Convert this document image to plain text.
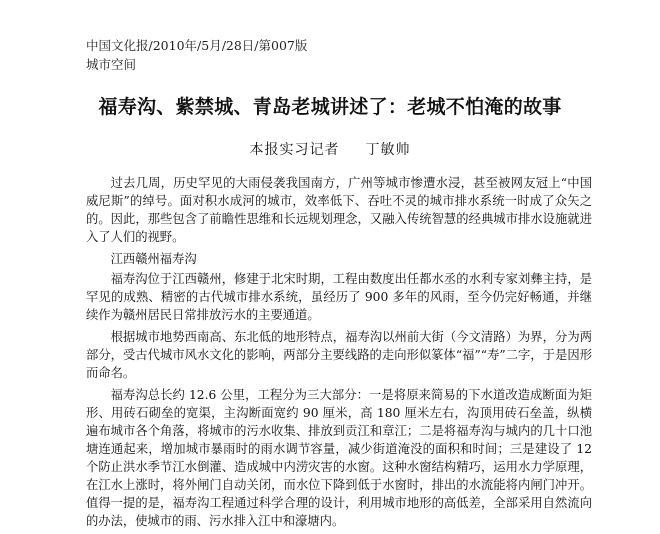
中国文化报/2010年/5月/28日/第007版
城市空间
福寿沟、紫禁城、青岛老城讲述了：老城不怕淹的故事
本报实习记者 丁敏帅

过去几周，历史罕见的大雨侵袭我国南方，广州等城市惨遭水浸，甚至被网友冠上“中国威尼斯”的绰号。面对积水成河的城市，效率低下、吞吐不灵的城市排水系统一时成了众矢之的。因此，那些包含了前瞻性思维和长远规划理念，又融入传统智慧的经典城市排水设施就进入了人们的视野。

江西赣州福寿沟

福寿沟位于江西赣州，修建于北宋时期，工程由数度出任都水丞的水利专家刘彝主持，是罕见的成熟、精密的古代城市排水系统，虽经历了 900 多年的风雨，至今仍完好畅通，并继续作为赣州居民日常排放污水的主要通道。

根据城市地势西南高、东北低的地形特点，福寿沟以州前大街（今文清路）为界，分为两部分，受古代城市风水文化的影响，两部分主要线路的走向形似篆体“福”“寿”二字，于是因形而命名。

福寿沟总长约 12.6 公里，工程分为三大部分：一是将原来简易的下水道改造成断面为矩形、用砖石砌垒的宽渠，主沟断面宽约 90 厘米，高 180 厘米左右，沟顶用砖石垒盖，纵横遍布城市各个角落，将城市的污水收集、排放到贡江和章江；二是将福寿沟与城内的几十口池塘连通起来，增加城市暴雨时的雨水调节容量，减少街道淹没的面积和时间；三是建设了 12 个防止洪水季节江水倒灌、造成城中内涝灾害的水窗。这种水窗结构精巧，运用水力学原理，在江水上涨时，将外闸门自动关闭，而水位下降到低于水窗时，排出的水流能将内闸门冲开。值得一提的是，福寿沟工程通过科学合理的设计，利用城市地形的高低差，全部采用自然流向的办法，使城市的雨、污水排入江中和濠塘内。
